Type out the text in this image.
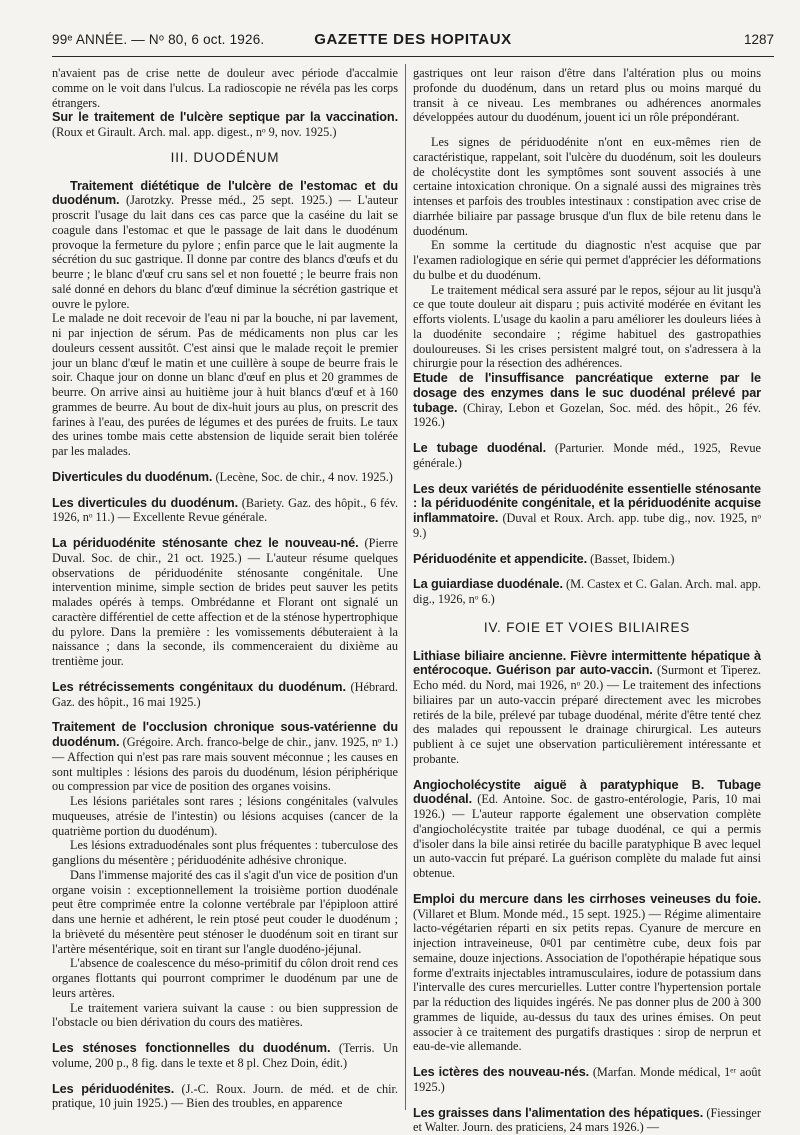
99ᵉ ANNÉE. — Nᵒ 80, 6 oct. 1926.	GAZETTE DES HOPITAUX	1287

n'avaient pas de crise nette de douleur avec période d'accalmie comme on le voit dans l'ulcus. La radioscopie ne révéla pas les corps étrangers.

Sur le traitement de l'ulcère septique par la vaccination. (Roux et Girault. Arch. mal. app. digest., nᵒ 9, nov. 1925.)
III. DUODÉNUM

Traitement diététique de l'ulcère de l'estomac et du duodénum. (Jarotzky. Presse méd., 25 sept. 1925.) — L'auteur proscrit l'usage du lait dans ces cas parce que la caséine du lait se coagule dans l'estomac et que le passage de lait dans le duodénum provoque la fermeture du pylore ; enfin parce que le lait augmente la sécrétion du suc gastrique. Il donne par contre des blancs d'œufs et du beurre ; le blanc d'œuf cru sans sel et non fouetté ; le beurre frais non salé donné en dehors du blanc d'œuf diminue la sécrétion gastrique et ouvre le pylore.

Le malade ne doit recevoir de l'eau ni par la bouche, ni par lavement, ni par injection de sérum. Pas de médicaments non plus car les douleurs cessent aussitôt. C'est ainsi que le malade reçoit le premier jour un blanc d'œuf le matin et une cuillère à soupe de beurre frais le soir. Chaque jour on donne un blanc d'œuf en plus et 20 grammes de beurre. On arrive ainsi au huitième jour à huit blancs d'œuf et à 160 grammes de beurre. Au bout de dix-huit jours au plus, on prescrit des farines à l'eau, des purées de légumes et des purées de fruits. Le taux des urines tombe mais cette abstension de liquide serait bien tolérée par les malades.

Diverticules du duodénum. (Lecène, Soc. de chir., 4 nov. 1925.)
Les diverticules du duodénum. (Bariety. Gaz. des hôpit., 6 fév. 1926, nᵒ 11.) — Excellente Revue générale.
La périduodénite sténosante chez le nouveau-né. (Pierre Duval. Soc. de chir., 21 oct. 1925.) — L'auteur résume quelques observations de périduodénite sténosante congénitale. Une intervention minime, simple section de brides peut sauver les petits malades opérés à temps. Ombrédanne et Florant ont signalé un caractère différentiel de cette affection et de la sténose hypertrophique du pylore. Dans la première : les vomissements débuteraient à la naissance ; dans la seconde, ils commenceraient du dixième au trentième jour.
Les rétrécissements congénitaux du duodénum. (Hébrard. Gaz. des hôpit., 16 mai 1925.)

Traitement de l'occlusion chronique sous-vatérienne du duodénum. (Grégoire. Arch. franco-belge de chir., janv. 1925, nᵒ 1.) — Affection qui n'est pas rare mais souvent méconnue ; les causes en sont multiples : lésions des parois du duodénum, lésion périphérique ou compression par vice de position des organes voisins.

Les lésions pariétales sont rares ; lésions congénitales (valvules muqueuses, atrésie de l'intestin) ou lésions acquises (cancer de la quatrième portion du duodénum).

Les lésions extraduodénales sont plus fréquentes : tuberculose des ganglions du mésentère ; périduodénite adhésive chronique.

Dans l'immense majorité des cas il s'agit d'un vice de position d'un organe voisin : exceptionnellement la troisième portion duodénale peut être comprimée entre la colonne vertébrale par l'épiploon attiré dans une hernie et adhérent, le rein ptosé peut couder le duodénum ; la brièveté du mésentère peut sténoser le duodénum soit en tirant sur l'artère mésentérique, soit en tirant sur l'angle duodéno-jéjunal.

L'absence de coalescence du méso-primitif du côlon droit rend ces organes flottants qui pourront comprimer le duodénum par une de leurs artères.

Le traitement variera suivant la cause : ou bien suppression de l'obstacle ou bien dérivation du cours des matières.

Les sténoses fonctionnelles du duodénum. (Terris. Un volume, 200 p., 8 fig. dans le texte et 8 pl. Chez Doin, édit.)
Les périduodénites. (J.-C. Roux. Journ. de méd. et de chir. pratique, 10 juin 1925.) — Bien des troubles, en apparence

gastriques ont leur raison d'être dans l'altération plus ou moins profonde du duodénum, dans un retard plus ou moins marqué du transit à ce niveau. Les membranes ou adhérences anormales développées autour du duodénum, jouent ici un rôle prépondérant.

Les signes de périduodénite n'ont en eux-mêmes rien de caractéristique, rappelant, soit l'ulcère du duodénum, soit les douleurs de cholécystite dont les symptômes sont souvent associés à une certaine intoxication chronique. On a signalé aussi des migraines très intenses et parfois des troubles intestinaux : constipation avec crise de diarrhée biliaire par passage brusque d'un flux de bile retenu dans le duodénum.

En somme la certitude du diagnostic n'est acquise que par l'examen radiologique en série qui permet d'apprécier les déformations du bulbe et du duodénum.

Le traitement médical sera assuré par le repos, séjour au lit jusqu'à ce que toute douleur ait disparu ; puis activité modérée en évitant les efforts violents. L'usage du kaolin a paru améliorer les douleurs liées à la duodénite secondaire ; régime habituel des gastropathies douloureuses. Si les crises persistent malgré tout, on s'adressera à la chirurgie pour la résection des adhérences.

Etude de l'insuffisance pancréatique externe par le dosage des enzymes dans le suc duodénal prélevé par tubage. (Chiray, Lebon et Gozelan, Soc. méd. des hôpit., 26 fév. 1926.)
Le tubage duodénal. (Parturier. Monde méd., 1925, Revue générale.)
Les deux variétés de périduodénite essentielle sténosante : la périduodénite congénitale, et la périduodénite acquise inflammatoire. (Duval et Roux. Arch. app. tube dig., nov. 1925, nᵒ 9.)
Périduodénite et appendicite. (Basset, Ibidem.)
La guiardiase duodénale. (M. Castex et C. Galan. Arch. mal. app. dig., 1926, nᵒ 6.)
IV. FOIE ET VOIES BILIAIRES
Lithiase biliaire ancienne. Fièvre intermittente hépatique à entérocoque. Guérison par auto-vaccin. (Surmont et Tiperez. Echo méd. du Nord, mai 1926, nᵒ 20.) — Le traitement des infections biliaires par un auto-vaccin préparé directement avec les microbes retirés de la bile, prélevé par tubage duodénal, mérite d'être tenté chez des malades qui repoussent le drainage chirurgical. Les auteurs publient à ce sujet une observation particulièrement intéressante et probante.
Angiocholécystite aiguë à paratyphique B. Tubage duodénal. (Ed. Antoine. Soc. de gastro-entérologie, Paris, 10 mai 1926.) — L'auteur rapporte également une observation complète d'angiocholécystite traitée par tubage duodénal, ce qui a permis d'isoler dans la bile ainsi retirée du bacille paratyphique B avec lequel un auto-vaccin fut préparé. La guérison complète du malade fut ainsi obtenue.
Emploi du mercure dans les cirrhoses veineuses du foie. (Villaret et Blum. Monde méd., 15 sept. 1925.) — Régime alimentaire lacto-végétarien réparti en six petits repas. Cyanure de mercure en injection intraveineuse, 0ᵍ01 par centimètre cube, deux fois par semaine, douze injections. Association de l'opothérapie hépatique sous forme d'extraits injectables intramusculaires, iodure de potassium dans l'intervalle des cures mercurielles. Lutter contre l'hypertension portale par la réduction des liquides ingérés. Ne pas donner plus de 200 à 300 grammes de liquide, au-dessus du taux des urines émises. On peut associer à ce traitement des purgatifs drastiques : sirop de nerprun et eau-de-vie allemande.
Les ictères des nouveau-nés. (Marfan. Monde médical, 1ᵉʳ août 1925.)
Les graisses dans l'alimentation des hépatiques. (Fiessinger et Walter. Journ. des praticiens, 24 mars 1926.) —
